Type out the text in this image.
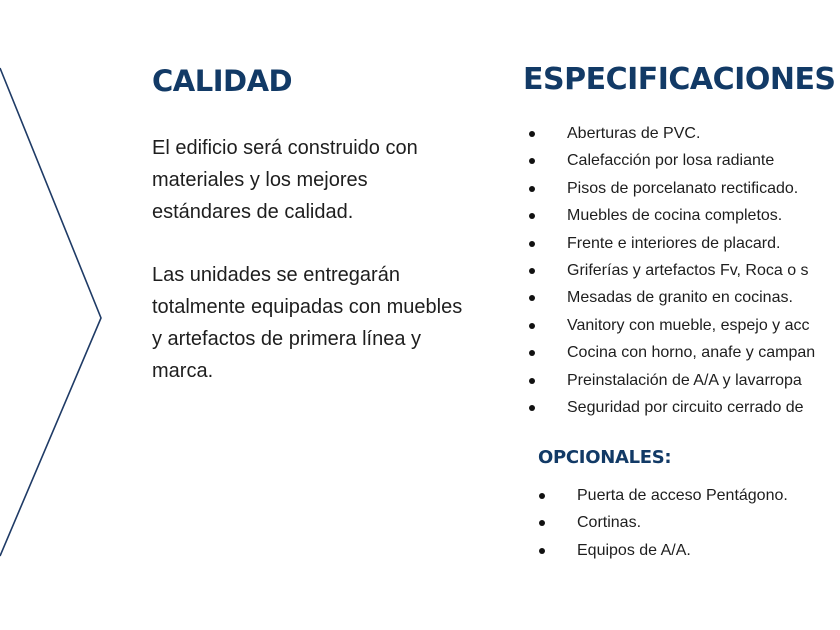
CALIDAD

El edificio será construido con materiales y los mejores estándares de calidad.

Las unidades se entregarán totalmente equipadas con muebles y artefactos de primera línea y marca.

ESPECIFICACIONES
Aberturas de PVC.
Calefacción por losa radiante
Pisos de porcelanato rectificado.
Muebles de cocina completos.
Frente e interiores de placard.
Griferías y artefactos Fv, Roca o s
Mesadas de granito en cocinas.
Vanitory con mueble, espejo y acc
Cocina con horno, anafe y campan
Preinstalación de A/A y lavarropa
Seguridad por circuito cerrado de
OPCIONALES:
Puerta de acceso Pentágono.
Cortinas.
Equipos de A/A.
